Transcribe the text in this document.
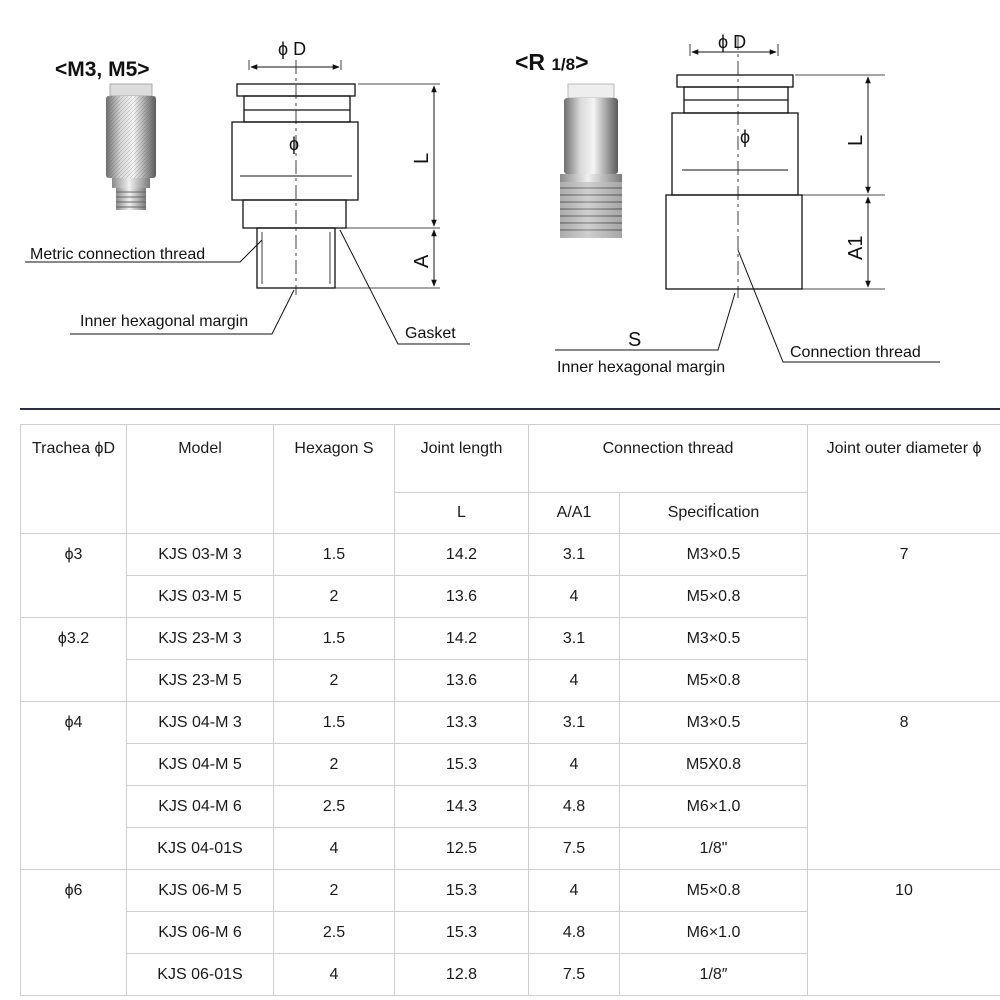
<M3, M5>
ϕ D
ϕ
L
A
Metric connection thread
Inner hexagonal margin
Gasket
<R 1/8>
ϕ D
ϕ	L
A1
S
Inner hexagonal margin
Connection thread
Trachea ϕD	Model	Hexagon S	Joint length	Connection thread		Joint outer diameter ϕ
			L	A/A1	Specifİcation	
ϕ3	KJS 03-M 3	1.5	14.2	3.1	M3×0.5	7
	KJS 03-M 5	2	13.6	4	M5×0.8	
ϕ3.2	KJS 23-M 3	1.5	14.2	3.1	M3×0.5	
	KJS 23-M 5	2	13.6	4	M5×0.8	
ϕ4	KJS 04-M 3	1.5	13.3	3.1	M3×0.5	8
	KJS 04-M 5	2	15.3	4	M5X0.8	
	KJS 04-M 6	2.5	14.3	4.8	M6×1.0	
	KJS 04-01S	4	12.5	7.5	1/8"	
ϕ6	KJS 06-M 5	2	15.3	4	M5×0.8	10
	KJS 06-M 6	2.5	15.3	4.8	M6×1.0	
	KJS 06-01S	4	12.8	7.5	1/8″	
